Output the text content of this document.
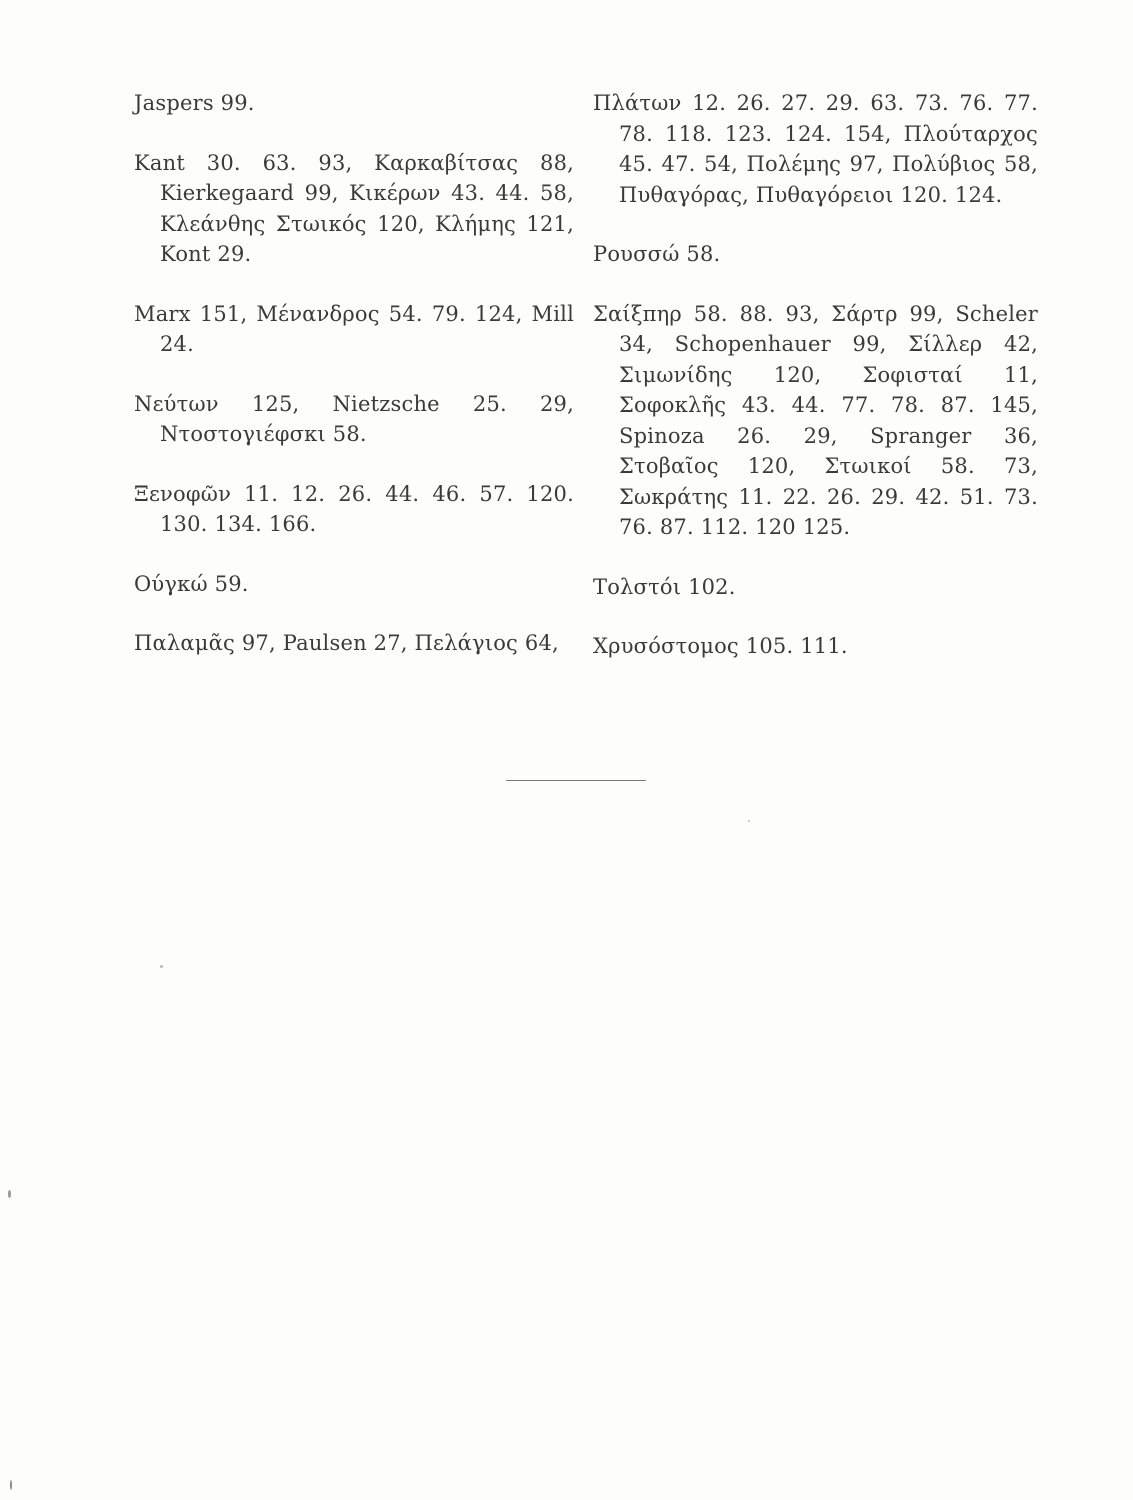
Jaspers 99.

Kant 30. 63. 93, Καρκαβίτσας 88, Kierkegaard 99, Κικέρων 43. 44. 58, Κλεάνθης Στωικός 120, Κλήμης 121, Kont 29.

Marx 151, Μένανδρος 54. 79. 124, Mill 24.

Νεύτων 125, Nietzsche 25. 29, Ντοστογιέφσκι 58.

Ξενοφῶν 11. 12. 26. 44. 46. 57. 120. 130. 134. 166.

Ούγκώ 59.

Παλαμᾶς 97, Paulsen 27, Πελάγιος 64,

Πλάτων 12. 26. 27. 29. 63. 73. 76. 77. 78. 118. 123. 124. 154, Πλούταρχος 45. 47. 54, Πολέμης 97, Πολύβιος 58, Πυθαγόρας, Πυθαγόρειοι 120. 124.

Ρουσσώ 58.

Σαίξπηρ 58. 88. 93, Σάρτρ 99, Scheler 34, Schopenhauer 99, Σίλλερ 42, Σιμωνίδης 120, Σοφισταί 11, Σοφοκλῆς 43. 44. 77. 78. 87. 145, Spinoza 26. 29, Spranger 36, Στοβαῖος 120, Στωικοί 58. 73, Σωκράτης 11. 22. 26. 29. 42. 51. 73. 76. 87. 112. 120 125.

Τολστόι 102.

Χρυσόστομος 105. 111.
